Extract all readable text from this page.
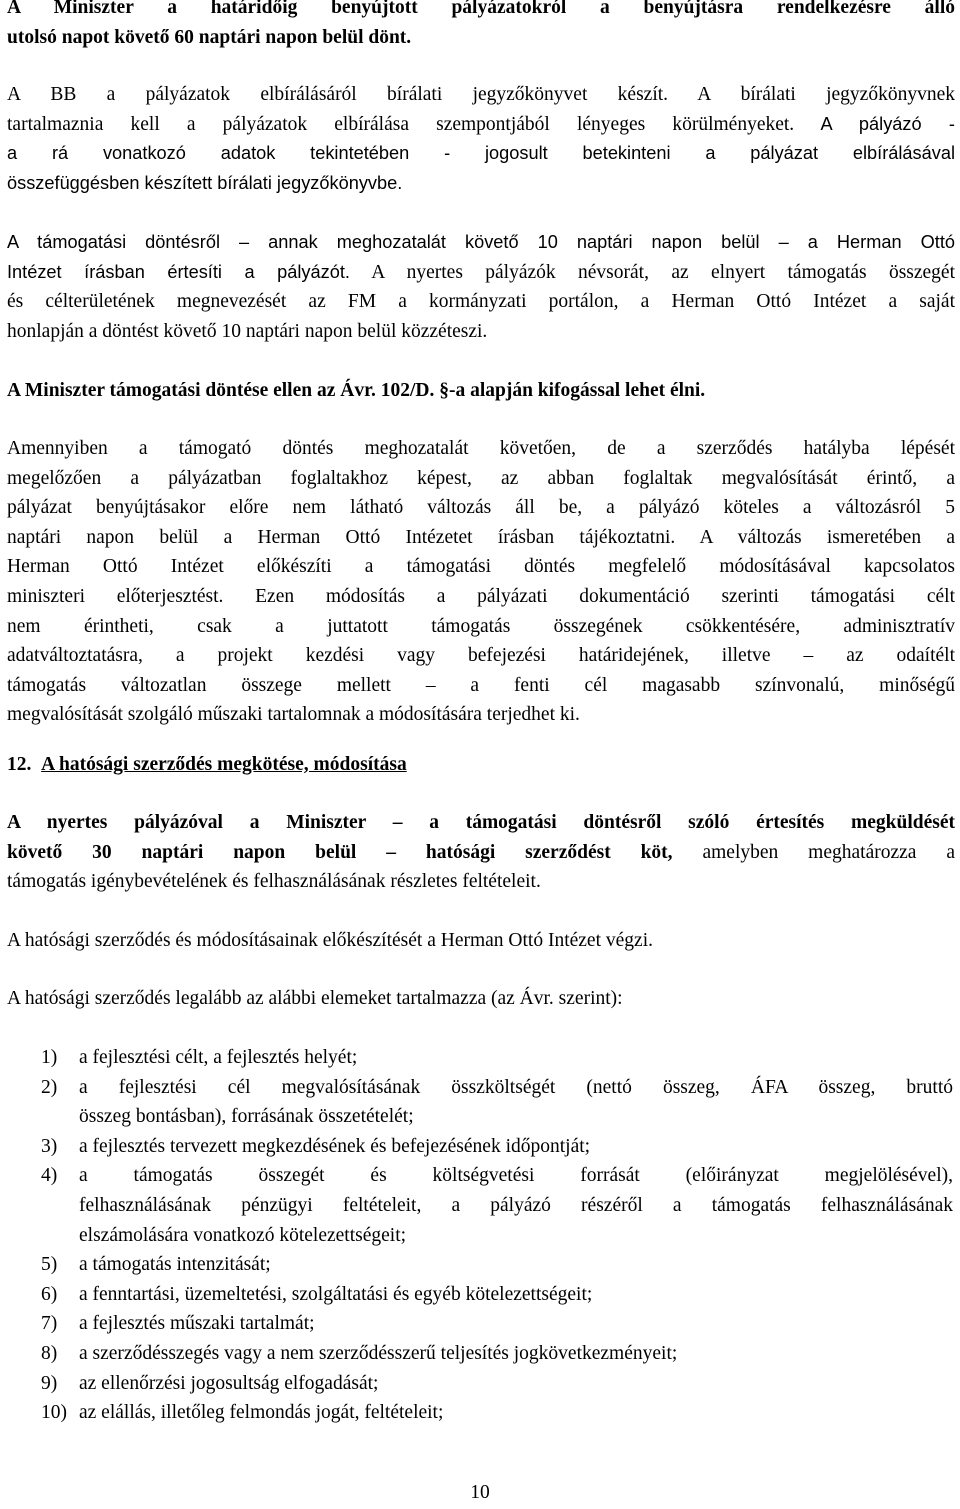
A Miniszter a határidőig benyújtott pályázatokról a benyújtásra rendelkezésre álló
utolsó napot követő 60 naptári napon belül dönt.
A BB a pályázatok elbírálásáról bírálati jegyzőkönyvet készít. A bírálati jegyzőkönyvnek
tartalmaznia kell a pályázatok elbírálása szempontjából lényeges körülményeket. A pályázó -
a rá vonatkozó adatok tekintetében - jogosult betekinteni a pályázat elbírálásával
összefüggésben készített bírálati jegyzőkönyvbe.
A támogatási döntésről – annak meghozatalát követő 10 naptári napon belül – a Herman Ottó
Intézet írásban értesíti a pályázót. A nyertes pályázók névsorát, az elnyert támogatás összegét
és célterületének megnevezését az FM a kormányzati portálon, a Herman Ottó Intézet a saját
honlapján a döntést követő 10 naptári napon belül közzéteszi.
A Miniszter támogatási döntése ellen az Ávr. 102/D. §-a alapján kifogással lehet élni.
Amennyiben a támogató döntés meghozatalát követően, de a szerződés hatályba lépését
megelőzően a pályázatban foglaltakhoz képest, az abban foglaltak megvalósítását érintő, a
pályázat benyújtásakor előre nem látható változás áll be, a pályázó köteles a változásról 5
naptári napon belül a Herman Ottó Intézetet írásban tájékoztatni. A változás ismeretében a
Herman Ottó Intézet előkészíti a támogatási döntés megfelelő módosításával kapcsolatos
miniszteri előterjesztést. Ezen módosítás a pályázati dokumentáció szerinti támogatási célt
nem érintheti, csak a juttatott támogatás összegének csökkentésére, adminisztratív
adatváltoztatásra, a projekt kezdési vagy befejezési határidejének, illetve – az odaítélt
támogatás változatlan összege mellett – a fenti cél magasabb színvonalú, minőségű
megvalósítását szolgáló műszaki tartalomnak a módosítására terjedhet ki.
12. A hatósági szerződés megkötése, módosítása
A nyertes pályázóval a Miniszter – a támogatási döntésről szóló értesítés megküldését
követő 30 naptári napon belül – hatósági szerződést köt, amelyben meghatározza a
támogatás igénybevételének és felhasználásának részletes feltételeit.
A hatósági szerződés és módosításainak előkészítését a Herman Ottó Intézet végzi.
A hatósági szerződés legalább az alábbi elemeket tartalmazza (az Ávr. szerint):
1) a fejlesztési célt, a fejlesztés helyét;
2) a fejlesztési cél megvalósításának összköltségét (nettó összeg, ÁFA összeg, bruttó
összeg bontásban), forrásának összetételét;
3) a fejlesztés tervezett megkezdésének és befejezésének időpontját;
4) a támogatás összegét és költségvetési forrását (előirányzat megjelölésével),
felhasználásának pénzügyi feltételeit, a pályázó részéről a támogatás felhasználásának
elszámolására vonatkozó kötelezettségeit;
5) a támogatás intenzitását;
6) a fenntartási, üzemeltetési, szolgáltatási és egyéb kötelezettségeit;
7) a fejlesztés műszaki tartalmát;
8) a szerződésszegés vagy a nem szerződésszerű teljesítés jogkövetkezményeit;
9) az ellenőrzési jogosultság elfogadását;
10) az elállás, illetőleg felmondás jogát, feltételeit;
10
